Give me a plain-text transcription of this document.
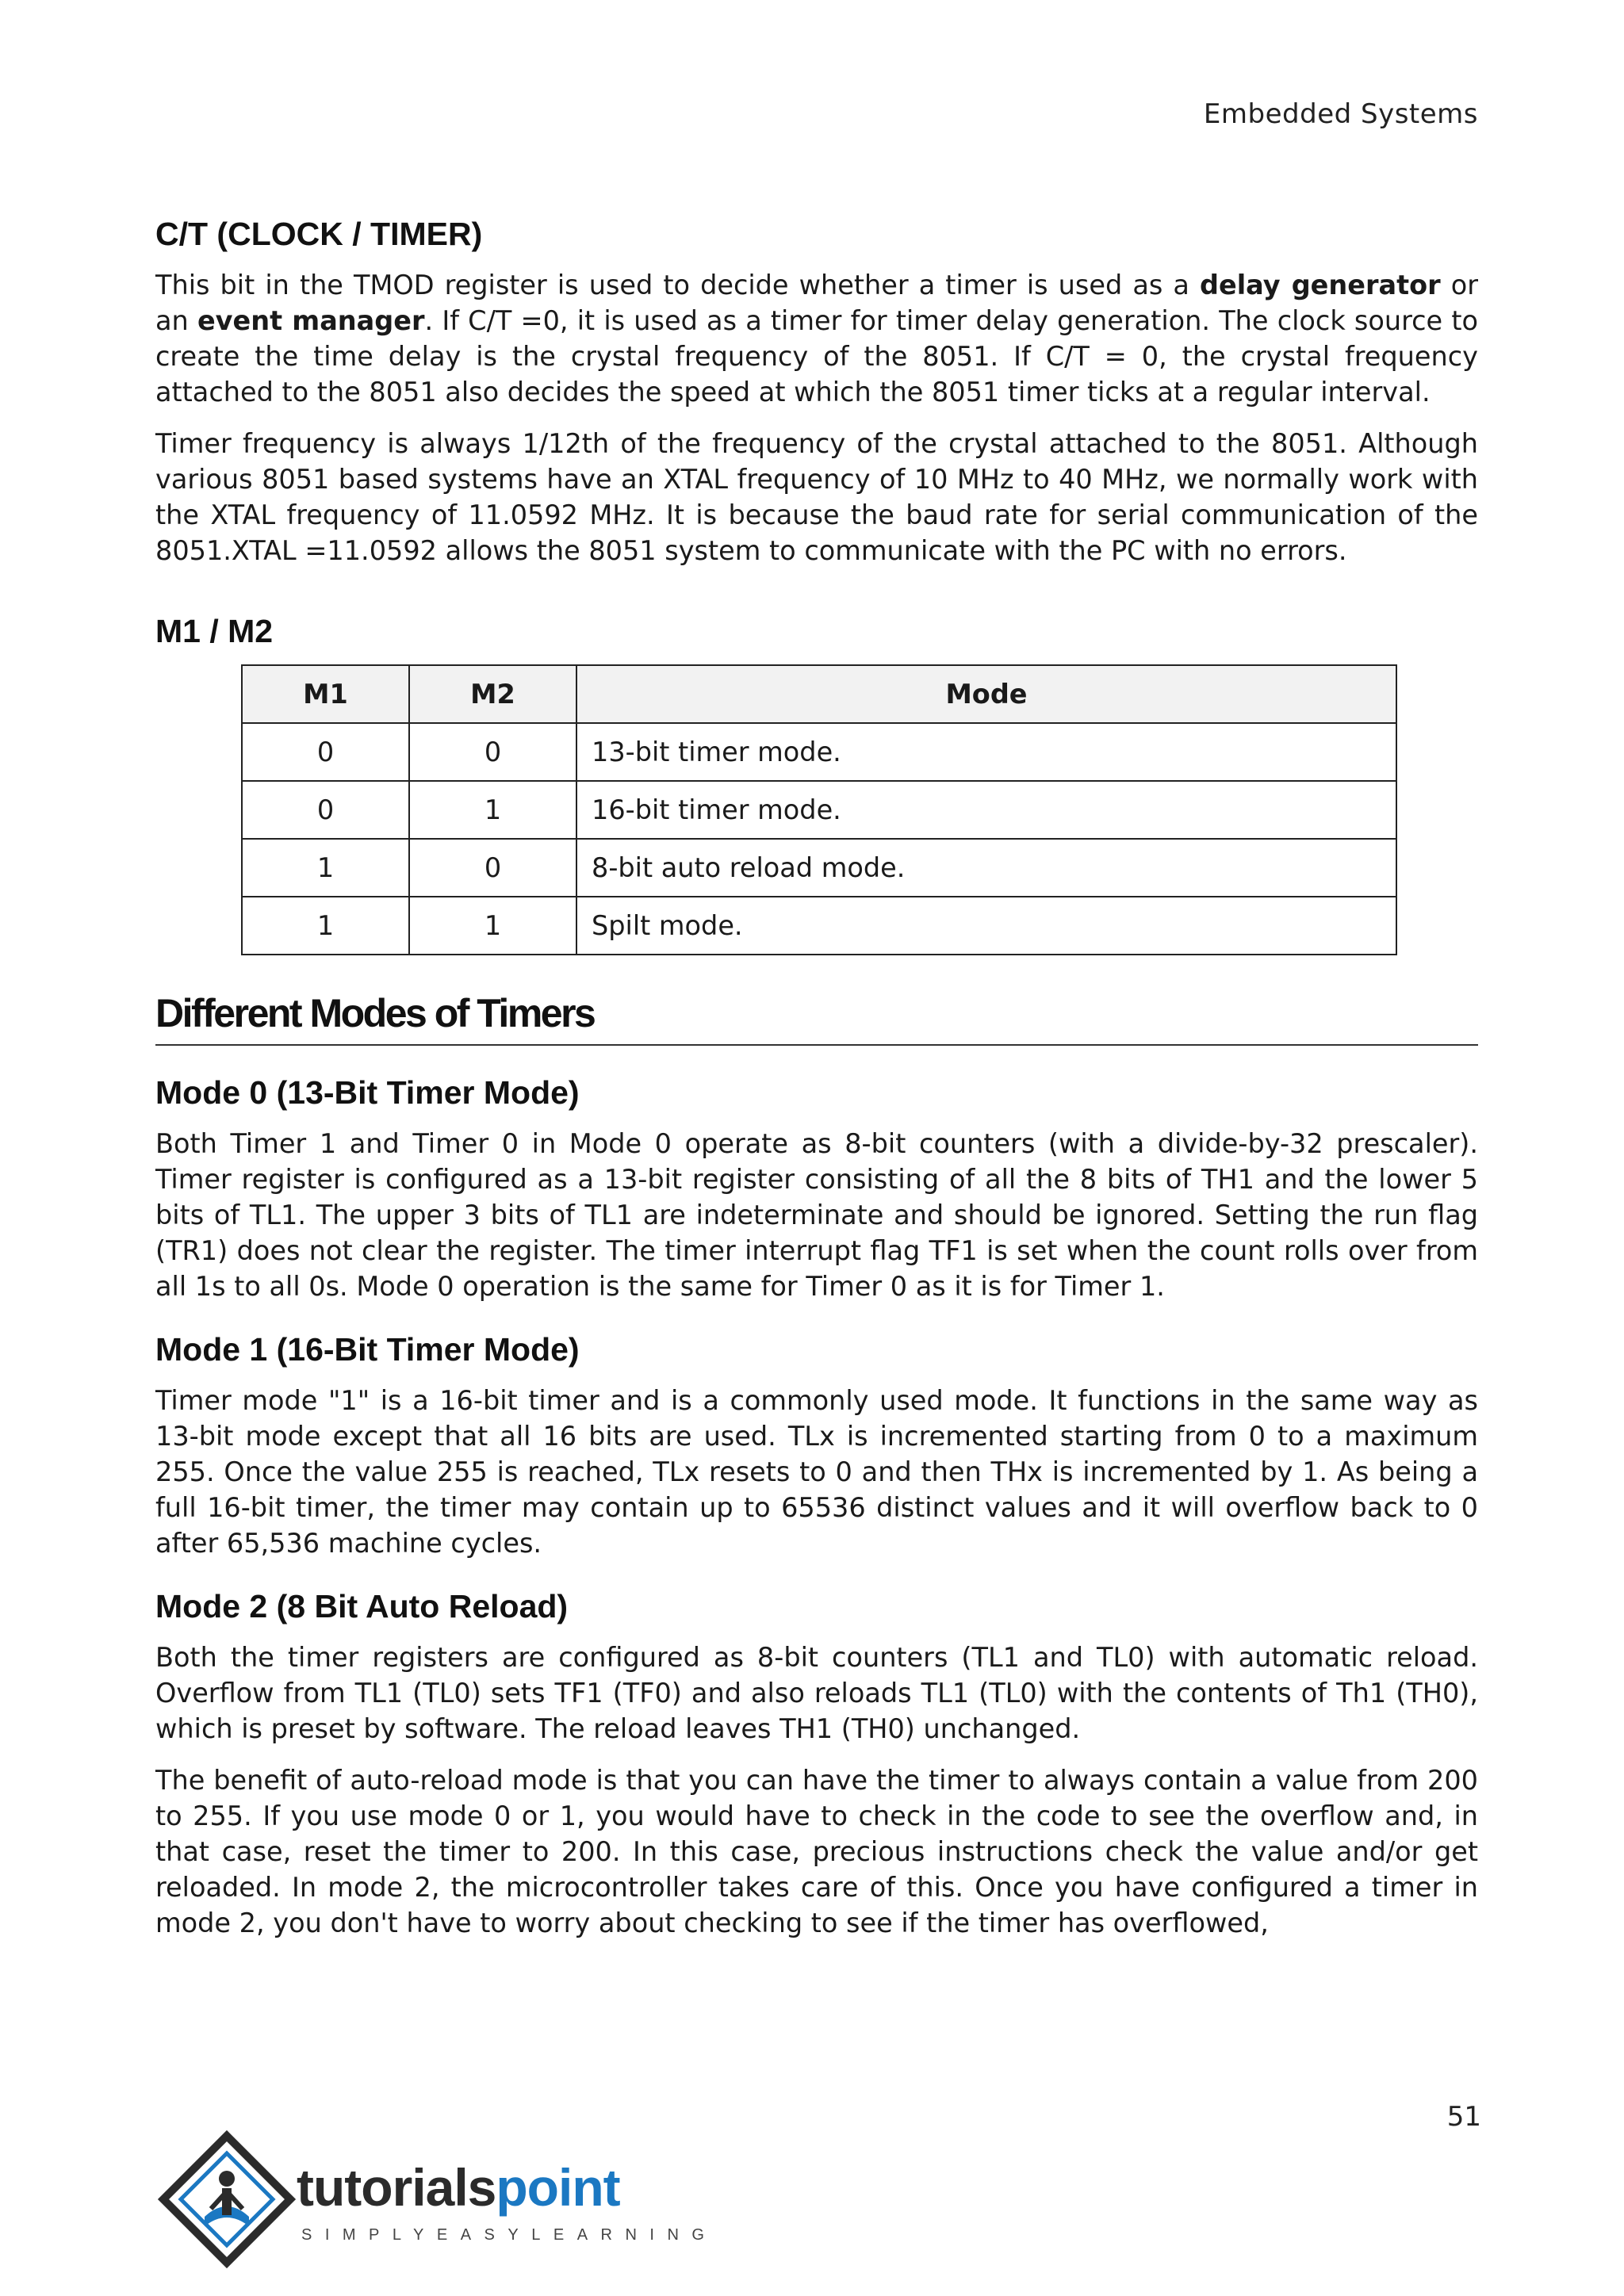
Embedded Systems
C/T (CLOCK / TIMER)

This bit in the TMOD register is used to decide whether a timer is used as a delay generator or an event manager. If C/T =0, it is used as a timer for timer delay generation. The clock source to create the time delay is the crystal frequency of the 8051. If C/T = 0, the crystal frequency attached to the 8051 also decides the speed at which the 8051 timer ticks at a regular interval.

Timer frequency is always 1/12th of the frequency of the crystal attached to the 8051. Although various 8051 based systems have an XTAL frequency of 10 MHz to 40 MHz, we normally work with the XTAL frequency of 11.0592 MHz. It is because the baud rate for serial communication of the 8051.XTAL =11.0592 allows the 8051 system to communicate with the PC with no errors.

M1 / M2
M1	M2	Mode
0	0	13-bit timer mode.
0	1	16-bit timer mode.
1	0	8-bit auto reload mode.
1	1	Spilt mode.
Different Modes of Timers
Mode 0 (13-Bit Timer Mode)

Both Timer 1 and Timer 0 in Mode 0 operate as 8-bit counters (with a divide-by-32 prescaler). Timer register is configured as a 13-bit register consisting of all the 8 bits of TH1 and the lower 5 bits of TL1. The upper 3 bits of TL1 are indeterminate and should be ignored. Setting the run flag (TR1) does not clear the register. The timer interrupt flag TF1 is set when the count rolls over from all 1s to all 0s. Mode 0 operation is the same for Timer 0 as it is for Timer 1.

Mode 1 (16-Bit Timer Mode)

Timer mode "1" is a 16-bit timer and is a commonly used mode. It functions in the same way as 13-bit mode except that all 16 bits are used. TLx is incremented starting from 0 to a maximum 255. Once the value 255 is reached, TLx resets to 0 and then THx is incremented by 1. As being a full 16-bit timer, the timer may contain up to 65536 distinct values and it will overflow back to 0 after 65,536 machine cycles.

Mode 2 (8 Bit Auto Reload)

Both the timer registers are configured as 8-bit counters (TL1 and TL0) with automatic reload. Overflow from TL1 (TL0) sets TF1 (TF0) and also reloads TL1 (TL0) with the contents of Th1 (TH0), which is preset by software. The reload leaves TH1 (TH0) unchanged.

The benefit of auto-reload mode is that you can have the timer to always contain a value from 200 to 255. If you use mode 0 or 1, you would have to check in the code to see the overflow and, in that case, reset the timer to 200. In this case, precious instructions check the value and/or get reloaded. In mode 2, the microcontroller takes care of this. Once you have configured a timer in mode 2, you don't have to worry about checking to see if the timer has overflowed,

51
tutorialspoint
SIMPLYEASYLEARNING
